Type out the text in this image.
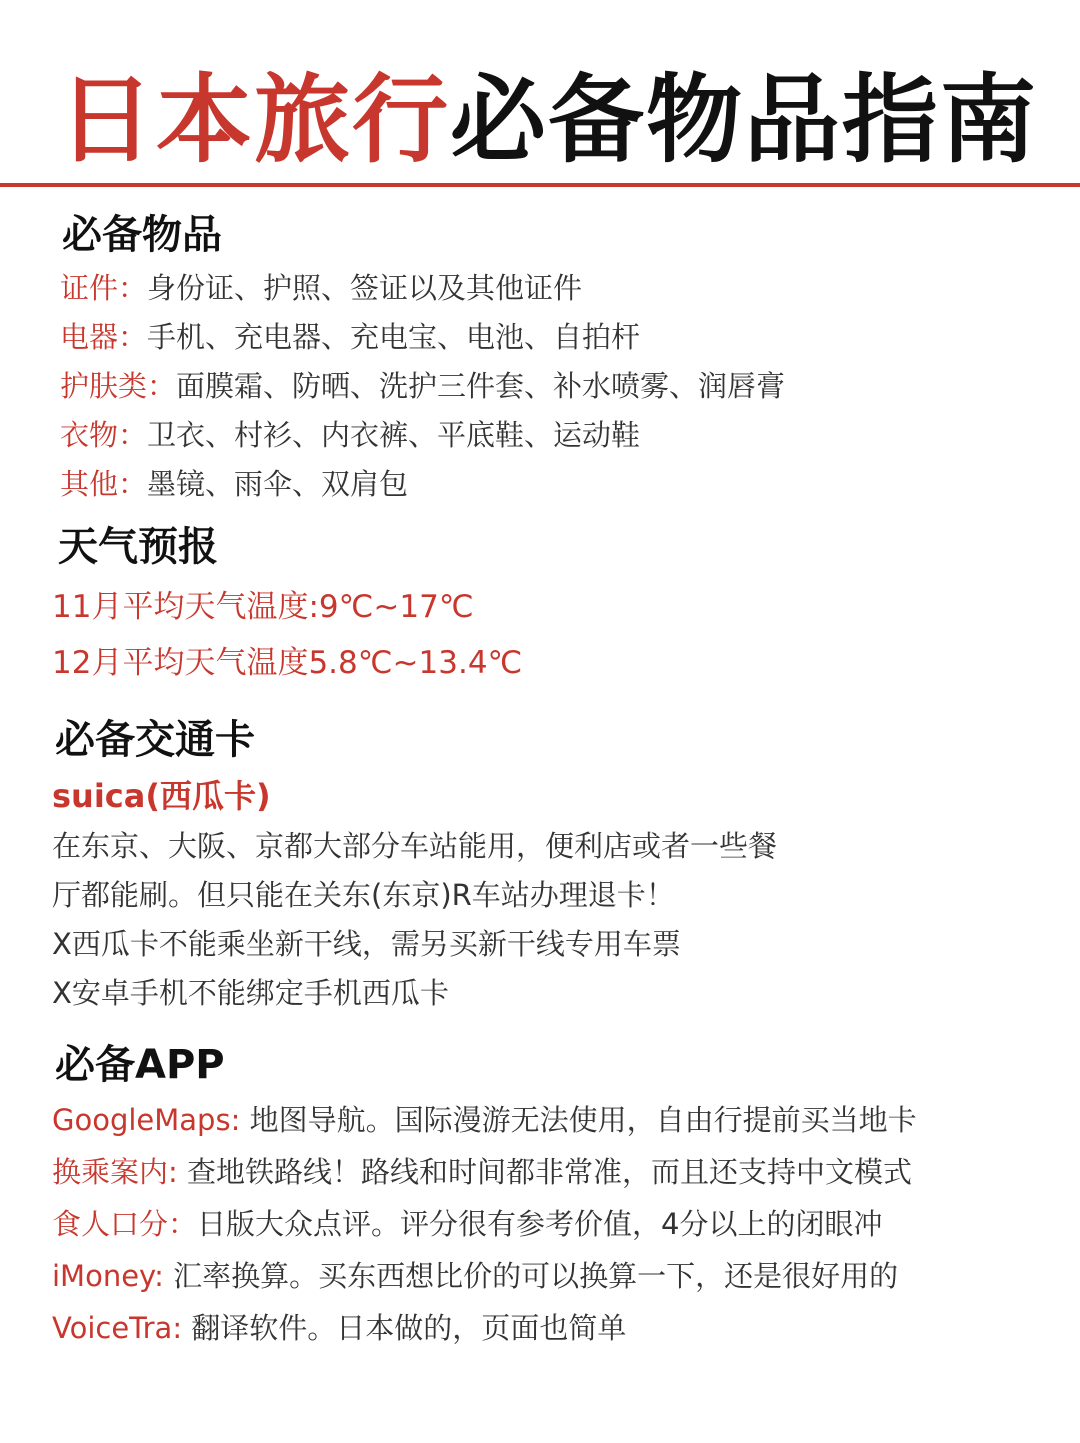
日本旅行必备物品指南
必备物品
证件：身份证、护照、签证以及其他证件
电器：手机、充电器、充电宝、电池、自拍杆
护肤类：面膜霜、防晒、洗护三件套、补水喷雾、润唇膏
衣物：卫衣、村衫、内衣裤、平底鞋、运动鞋
其他：墨镜、雨伞、双肩包
天气预报
11月平均天气温度:9℃~17℃
12月平均天气温度5.8℃~13.4℃
必备交通卡
suica(西瓜卡)
在东京、大阪、京都大部分车站能用，便利店或者一些餐
厅都能刷。但只能在关东(东京)R车站办理退卡！
X西瓜卡不能乘坐新干线，需另买新干线专用车票
X安卓手机不能绑定手机西瓜卡
必备APP
GoogleMaps: 地图导航。国际漫游无法使用，自由行提前买当地卡
换乘案内: 查地铁路线！路线和时间都非常准，而且还支持中文模式
食人口分：日版大众点评。评分很有参考价值，4分以上的闭眼冲
iMoney: 汇率换算。买东西想比价的可以换算一下，还是很好用的
VoiceTra: 翻译软件。日本做的，页面也简单
